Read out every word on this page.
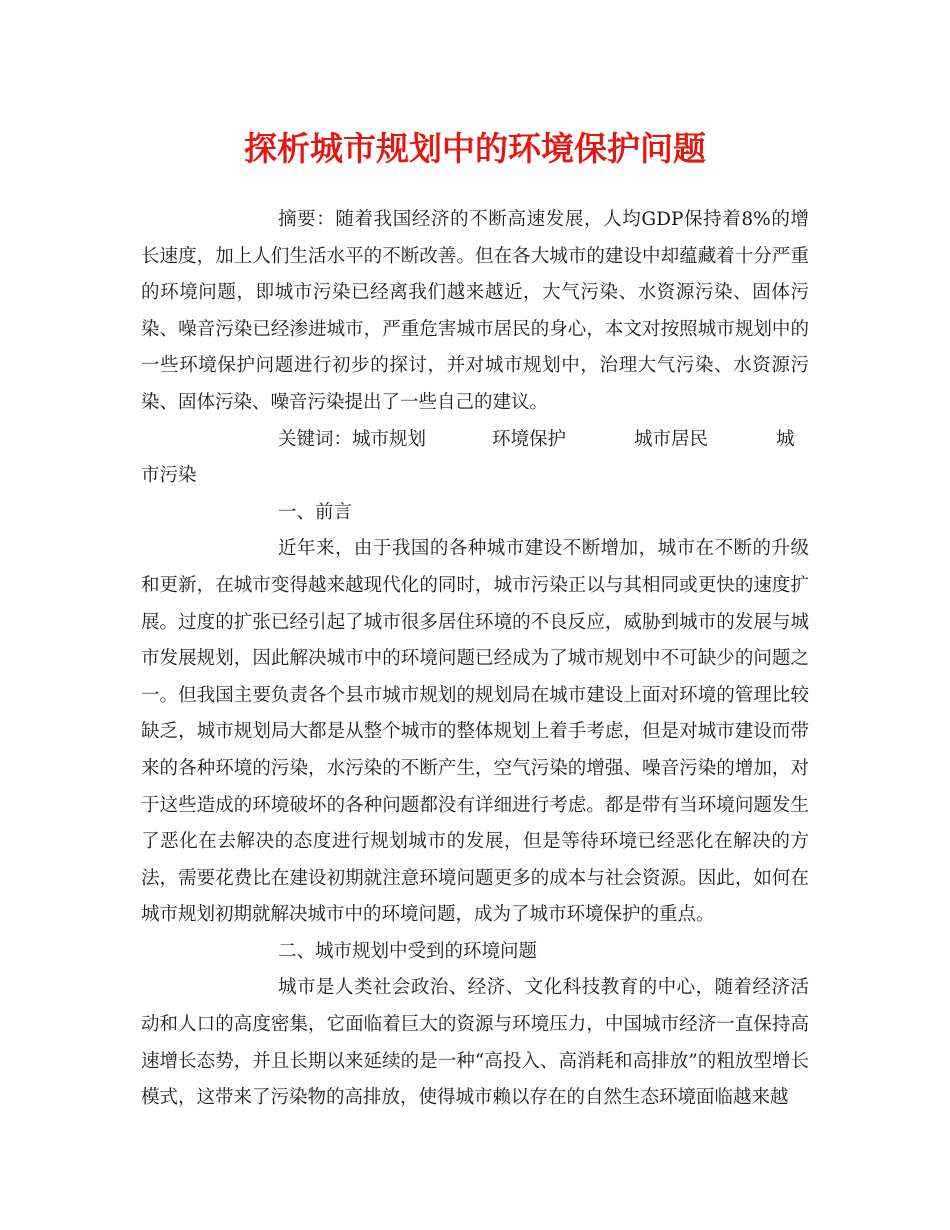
探析城市规划中的环境保护问题

摘要：随着我国经济的不断高速发展，人均GDP保持着8%的增长速度，加上人们生活水平的不断改善。但在各大城市的建设中却蕴藏着十分严重的环境问题，即城市污染已经离我们越来越近，大气污染、水资源污染、固体污染、噪音污染已经渗进城市，严重危害城市居民的身心，本文对按照城市规划中的一些环境保护问题进行初步的探讨，并对城市规划中，治理大气污染、水资源污染、固体污染、噪音污染提出了一些自己的建议。

关键词：城市规划	环境保护	城市居民	城市污染

一、前言

近年来，由于我国的各种城市建设不断增加，城市在不断的升级和更新，在城市变得越来越现代化的同时，城市污染正以与其相同或更快的速度扩展。过度的扩张已经引起了城市很多居住环境的不良反应，威胁到城市的发展与城市发展规划，因此解决城市中的环境问题已经成为了城市规划中不可缺少的问题之一。但我国主要负责各个县市城市规划的规划局在城市建设上面对环境的管理比较缺乏，城市规划局大都是从整个城市的整体规划上着手考虑，但是对城市建设而带来的各种环境的污染，水污染的不断产生，空气污染的增强、噪音污染的增加，对于这些造成的环境破坏的各种问题都没有详细进行考虑。都是带有当环境问题发生了恶化在去解决的态度进行规划城市的发展，但是等待环境已经恶化在解决的方法，需要花费比在建设初期就注意环境问题更多的成本与社会资源。因此，如何在城市规划初期就解决城市中的环境问题，成为了城市环境保护的重点。

二、城市规划中受到的环境问题

城市是人类社会政治、经济、文化科技教育的中心，随着经济活动和人口的高度密集，它面临着巨大的资源与环境压力，中国城市经济一直保持高速增长态势，并且长期以来延续的是一种“高投入、高消耗和高排放”的粗放型增长模式，这带来了污染物的高排放，使得城市赖以存在的自然生态环境面临越来越
